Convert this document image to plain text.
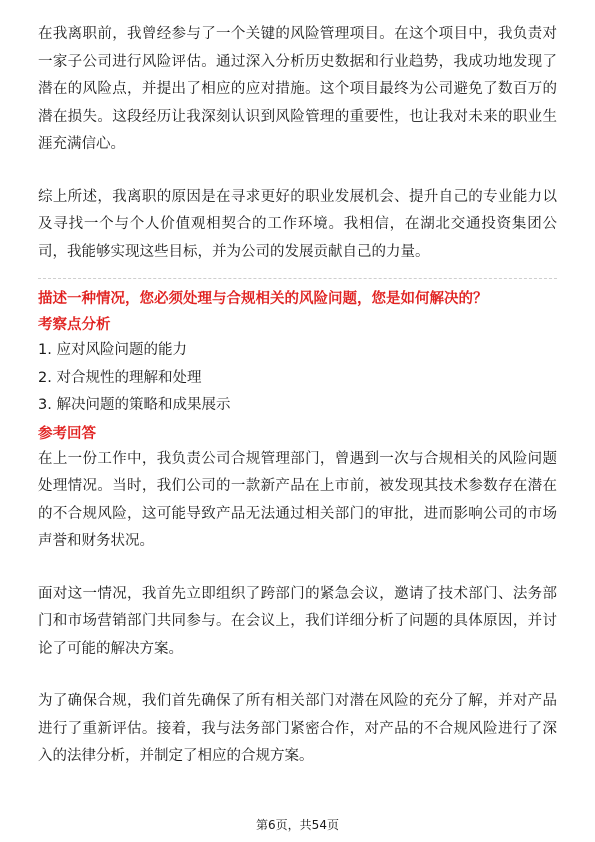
在我离职前，我曾经参与了一个关键的风险管理项目。在这个项目中，我负责对一家子公司进行风险评估。通过深入分析历史数据和行业趋势，我成功地发现了潜在的风险点，并提出了相应的应对措施。这个项目最终为公司避免了数百万的潜在损失。这段经历让我深刻认识到风险管理的重要性，也让我对未来的职业生涯充满信心。

综上所述，我离职的原因是在寻求更好的职业发展机会、提升自己的专业能力以及寻找一个与个人价值观相契合的工作环境。我相信，在湖北交通投资集团公司，我能够实现这些目标，并为公司的发展贡献自己的力量。

描述一种情况，您必须处理与合规相关的风险问题，您是如何解决的？

考察点分析

1. 应对风险问题的能力

2. 对合规性的理解和处理

3. 解决问题的策略和成果展示

参考回答

在上一份工作中，我负责公司合规管理部门，曾遇到一次与合规相关的风险问题处理情况。当时，我们公司的一款新产品在上市前，被发现其技术参数存在潜在的不合规风险，这可能导致产品无法通过相关部门的审批，进而影响公司的市场声誉和财务状况。

面对这一情况，我首先立即组织了跨部门的紧急会议，邀请了技术部门、法务部门和市场营销部门共同参与。在会议上，我们详细分析了问题的具体原因，并讨论了可能的解决方案。

为了确保合规，我们首先确保了所有相关部门对潜在风险的充分了解，并对产品进行了重新评估。接着，我与法务部门紧密合作，对产品的不合规风险进行了深入的法律分析，并制定了相应的合规方案。

第6页，共54页
